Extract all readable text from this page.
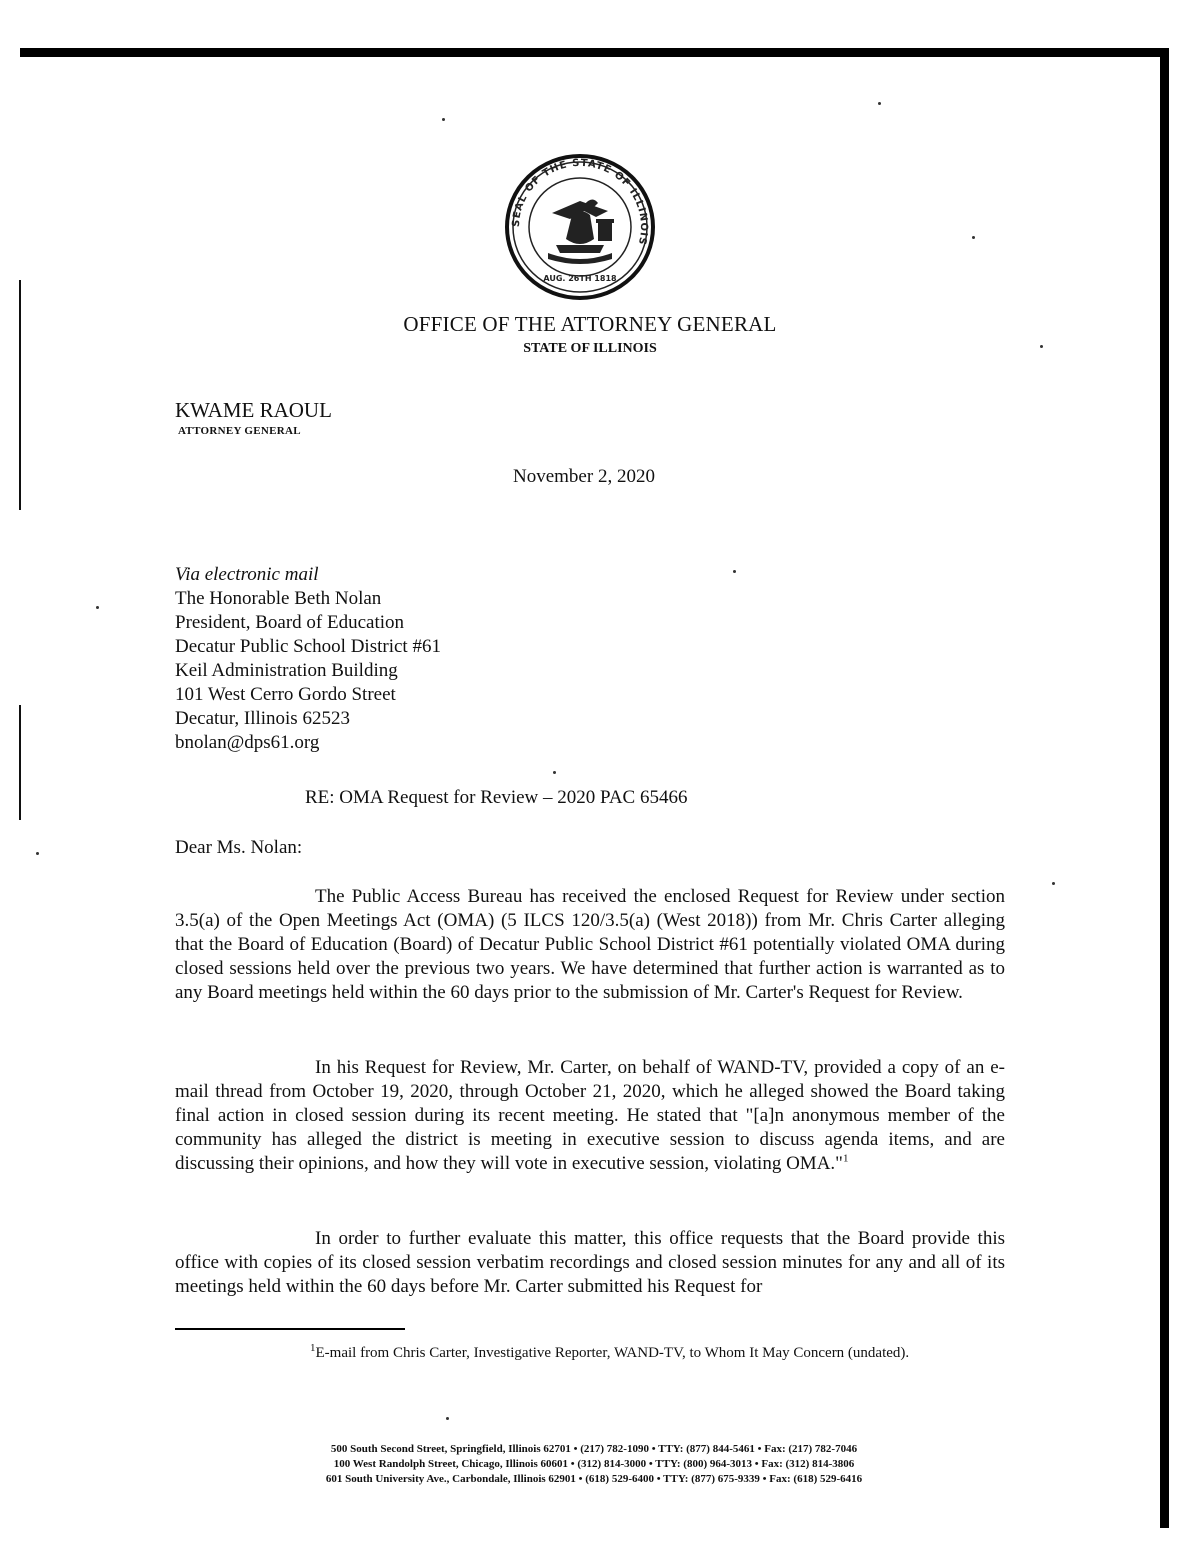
SEAL OF THE STATE OF ILLINOIS
AUG. 26TH 1818
OFFICE OF THE ATTORNEY GENERAL
STATE OF ILLINOIS
KWAME RAOUL
ATTORNEY GENERAL
November 2, 2020
Via electronic mail
The Honorable Beth Nolan
President, Board of Education
Decatur Public School District #61
Keil Administration Building
101 West Cerro Gordo Street
Decatur, Illinois 62523
bnolan@dps61.org
RE: OMA Request for Review – 2020 PAC 65466
Dear Ms. Nolan:

The Public Access Bureau has received the enclosed Request for Review under section 3.5(a) of the Open Meetings Act (OMA) (5 ILCS 120/3.5(a) (West 2018)) from Mr. Chris Carter alleging that the Board of Education (Board) of Decatur Public School District #61 potentially violated OMA during closed sessions held over the previous two years. We have determined that further action is warranted as to any Board meetings held within the 60 days prior to the submission of Mr. Carter's Request for Review.

In his Request for Review, Mr. Carter, on behalf of WAND-TV, provided a copy of an e-mail thread from October 19, 2020, through October 21, 2020, which he alleged showed the Board taking final action in closed session during its recent meeting. He stated that "[a]n anonymous member of the community has alleged the district is meeting in executive session to discuss agenda items, and are discussing their opinions, and how they will vote in executive session, violating OMA."$^1$

In order to further evaluate this matter, this office requests that the Board provide this office with copies of its closed session verbatim recordings and closed session minutes for any and all of its meetings held within the 60 days before Mr. Carter submitted his Request for

$^1$E-mail from Chris Carter, Investigative Reporter, WAND-TV, to Whom It May Concern (undated).

500 South Second Street, Springfield, Illinois 62701 • (217) 782-1090 • TTY: (877) 844-5461 • Fax: (217) 782-7046
100 West Randolph Street, Chicago, Illinois 60601 • (312) 814-3000 • TTY: (800) 964-3013 • Fax: (312) 814-3806
601 South University Ave., Carbondale, Illinois 62901 • (618) 529-6400 • TTY: (877) 675-9339 • Fax: (618) 529-6416
